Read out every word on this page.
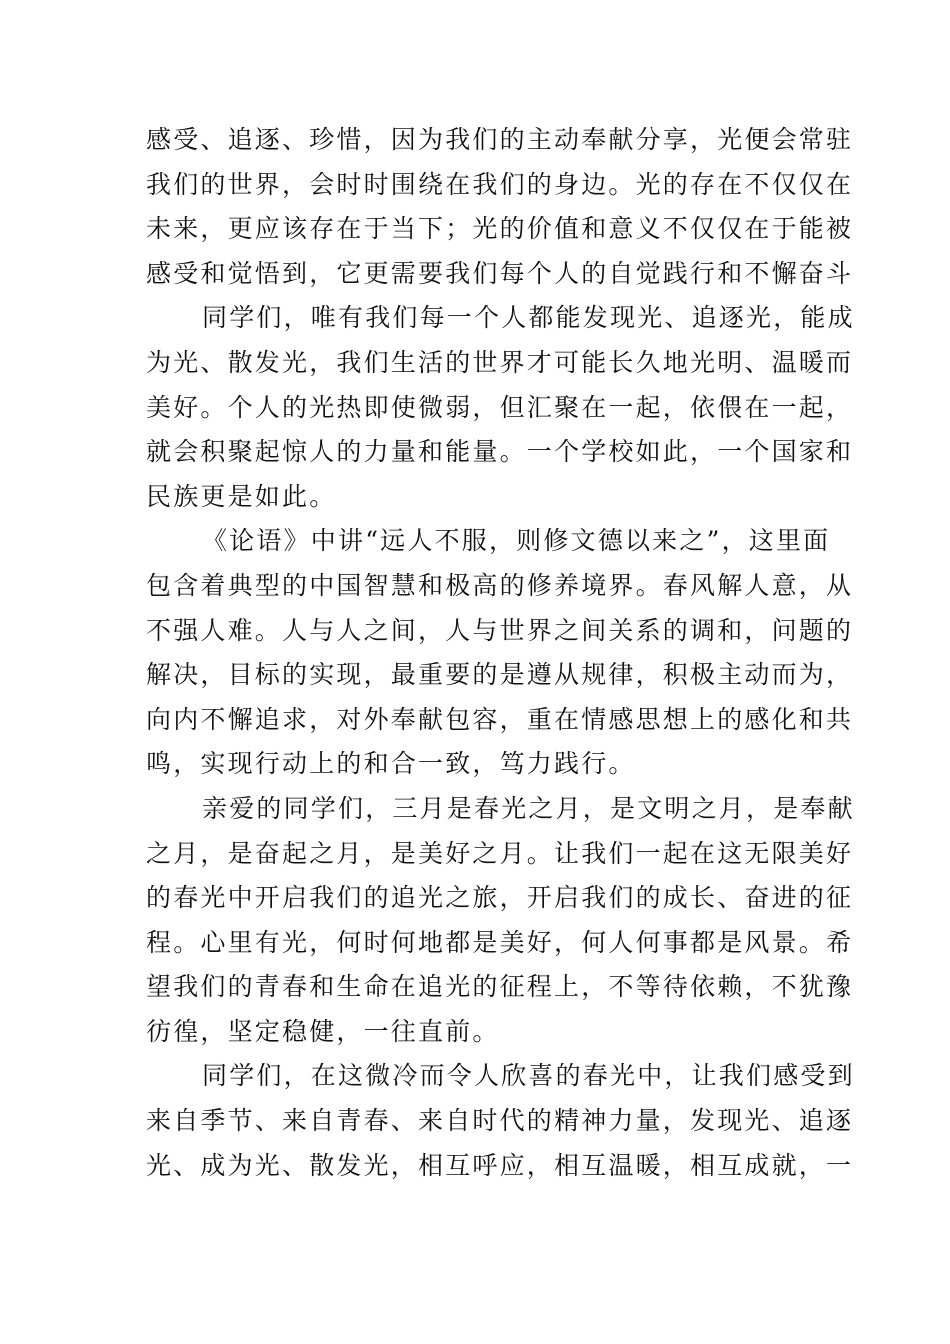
感受、追逐、珍惜，因为我们的主动奉献分享，光便会常驻
我们的世界，会时时围绕在我们的身边。光的存在不仅仅在
未来，更应该存在于当下；光的价值和意义不仅仅在于能被
感受和觉悟到，它更需要我们每个人的自觉践行和不懈奋斗
同学们，唯有我们每一个人都能发现光、追逐光，能成
为光、散发光，我们生活的世界才可能长久地光明、温暖而
美好。个人的光热即使微弱，但汇聚在一起，依偎在一起，
就会积聚起惊人的力量和能量。一个学校如此，一个国家和
民族更是如此。
《论语》中讲“远人不服，则修文德以来之”，这里面
包含着典型的中国智慧和极高的修养境界。春风解人意，从
不强人难。人与人之间，人与世界之间关系的调和，问题的
解决，目标的实现，最重要的是遵从规律，积极主动而为，
向内不懈追求，对外奉献包容，重在情感思想上的感化和共
鸣，实现行动上的和合一致，笃力践行。
亲爱的同学们，三月是春光之月，是文明之月，是奉献
之月，是奋起之月，是美好之月。让我们一起在这无限美好
的春光中开启我们的追光之旅，开启我们的成长、奋进的征
程。心里有光，何时何地都是美好，何人何事都是风景。希
望我们的青春和生命在追光的征程上，不等待依赖，不犹豫
彷徨，坚定稳健，一往直前。
同学们，在这微冷而令人欣喜的春光中，让我们感受到
来自季节、来自青春、来自时代的精神力量，发现光、追逐
光、成为光、散发光，相互呼应，相互温暖，相互成就，一
